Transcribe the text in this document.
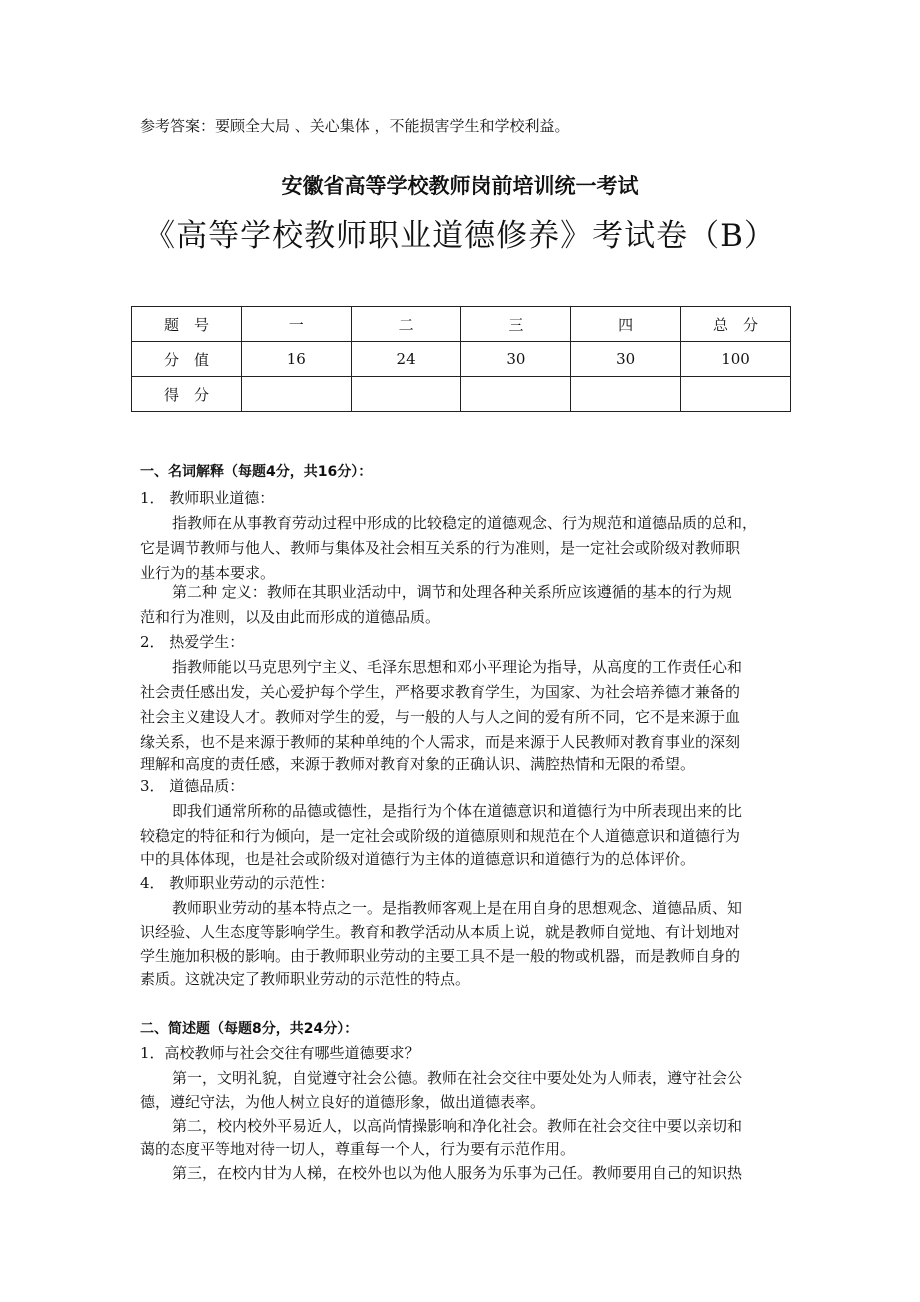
参考答案：要顾全大局 、关心集体 ，不能损害学生和学校利益。
安徽省高等学校教师岗前培训统一考试
《高等学校教师职业道德修养》考试卷（B）
题　号	一	二	三	四	总　分
分　值	16	24	30	30	100
得　分					
一、名词解释（每题4分，共16分）：
1． 教师职业道德：
指教师在从事教育劳动过程中形成的比较稳定的道德观念、行为规范和道德品质的总和，
它是调节教师与他人、教师与集体及社会相互关系的行为准则，是一定社会或阶级对教师职
业行为的基本要求。
第二种 定义：教师在其职业活动中，调节和处理各种关系所应该遵循的基本的行为规
范和行为准则，以及由此而形成的道德品质。
2． 热爱学生：
指教师能以马克思列宁主义、毛泽东思想和邓小平理论为指导，从高度的工作责任心和
社会责任感出发，关心爱护每个学生，严格要求教育学生，为国家、为社会培养德才兼备的
社会主义建设人才。教师对学生的爱，与一般的人与人之间的爱有所不同，它不是来源于血
缘关系，也不是来源于教师的某种单纯的个人需求，而是来源于人民教师对教育事业的深刻
理解和高度的责任感，来源于教师对教育对象的正确认识、满腔热情和无限的希望。
3． 道德品质：
即我们通常所称的品德或德性，是指行为个体在道德意识和道德行为中所表现出来的比
较稳定的特征和行为倾向，是一定社会或阶级的道德原则和规范在个人道德意识和道德行为
中的具体体现，也是社会或阶级对道德行为主体的道德意识和道德行为的总体评价。
4． 教师职业劳动的示范性：
教师职业劳动的基本特点之一。是指教师客观上是在用自身的思想观念、道德品质、知
识经验、人生态度等影响学生。教育和教学活动从本质上说，就是教师自觉地、有计划地对
学生施加积极的影响。由于教师职业劳动的主要工具不是一般的物或机器，而是教师自身的
素质。这就决定了教师职业劳动的示范性的特点。
二、简述题（每题8分，共24分）：
1．高校教师与社会交往有哪些道德要求？
第一，文明礼貌，自觉遵守社会公德。教师在社会交往中要处处为人师表，遵守社会公
德，遵纪守法，为他人树立良好的道德形象，做出道德表率。
第二，校内校外平易近人，以高尚情操影响和净化社会。教师在社会交往中要以亲切和
蔼的态度平等地对待一切人，尊重每一个人，行为要有示范作用。
第三，在校内甘为人梯，在校外也以为他人服务为乐事为己任。教师要用自己的知识热
